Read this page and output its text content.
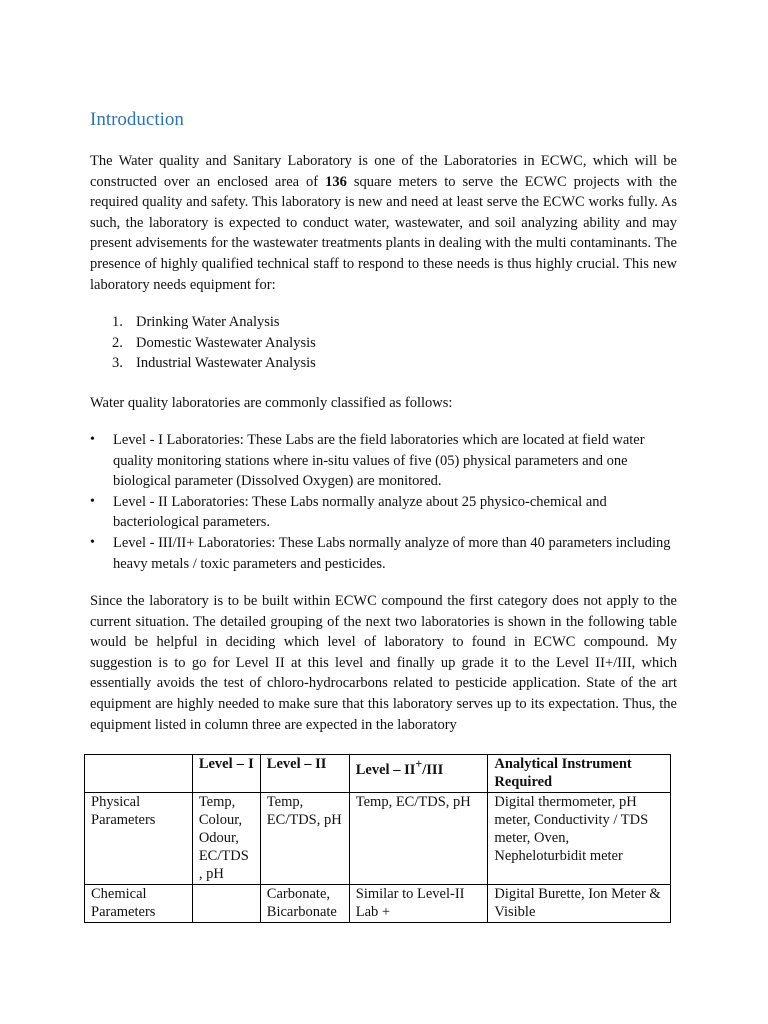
Introduction

The Water quality and Sanitary Laboratory is one of the Laboratories in ECWC, which will be constructed over an enclosed area of 136 square meters to serve the ECWC projects with the required quality and safety. This laboratory is new and need at least serve the ECWC works fully. As such, the laboratory is expected to conduct water, wastewater, and soil analyzing ability and may present advisements for the wastewater treatments plants in dealing with the multi contaminants. The presence of highly qualified technical staff to respond to these needs is thus highly crucial. This new laboratory needs equipment for:

1. Drinking Water Analysis
2. Domestic Wastewater Analysis
3. Industrial Wastewater Analysis

Water quality laboratories are commonly classified as follows:

• Level - I Laboratories: These Labs are the field laboratories which are located at field water quality monitoring stations where in-situ values of five (05) physical parameters and one biological parameter (Dissolved Oxygen) are monitored.
• Level - II Laboratories: These Labs normally analyze about 25 physico-chemical and bacteriological parameters.
• Level - III/II+ Laboratories: These Labs normally analyze of more than 40 parameters including heavy metals / toxic parameters and pesticides.

Since the laboratory is to be built within ECWC compound the first category does not apply to the current situation. The detailed grouping of the next two laboratories is shown in the following table would be helpful in deciding which level of laboratory to found in ECWC compound. My suggestion is to go for Level II at this level and finally up grade it to the Level II+/III, which essentially avoids the test of chloro-hydrocarbons related to pesticide application. State of the art equipment are highly needed to make sure that this laboratory serves up to its expectation. Thus, the equipment listed in column three are expected in the laboratory

	Level – I	Level – II	Level – II+/III	Analytical Instrument Required
Physical Parameters	Temp, Colour, Odour, EC/TDS , pH	Temp, EC/TDS, pH	Temp, EC/TDS, pH	Digital thermometer, pH meter, Conductivity / TDS meter, Oven, Nepheloturbidit meter
Chemical Parameters		Carbonate, Bicarbonate	Similar to Level-II Lab +	Digital Burette, Ion Meter & Visible
